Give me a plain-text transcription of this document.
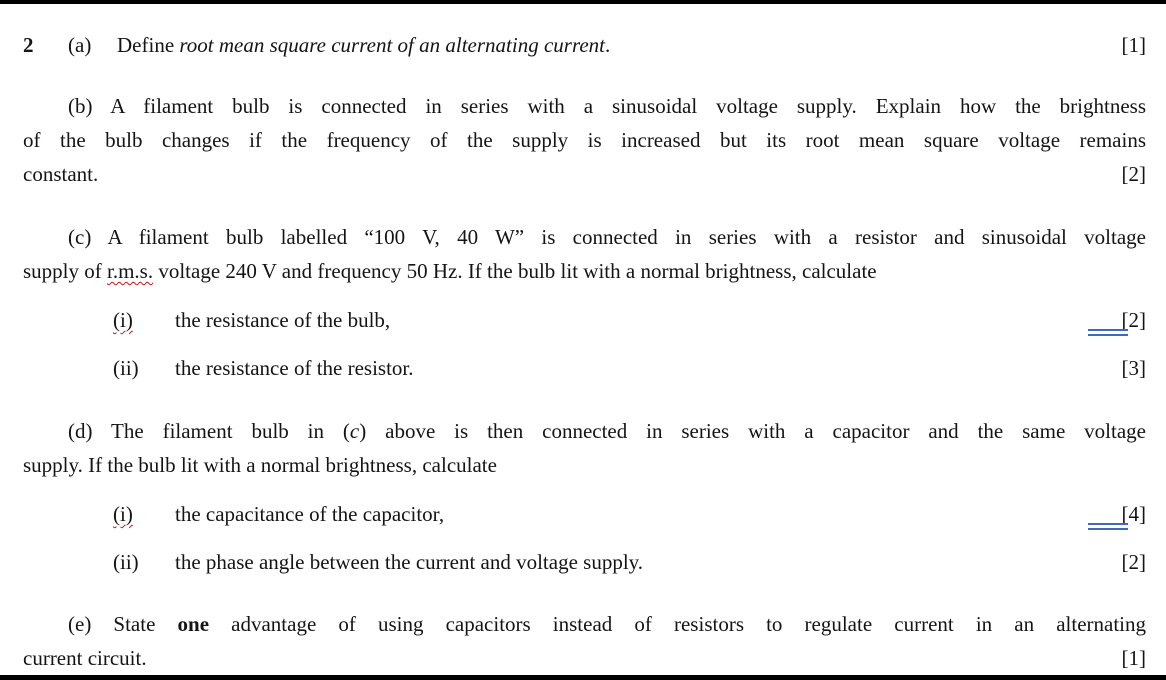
2	(a)	Define root mean square current of an alternating current.	[1]
(b) A filament bulb is connected in series with a sinusoidal voltage supply. Explain how the brightness
of the bulb changes if the frequency of the supply is increased but its root mean square voltage remains
constant.	[2]
(c) A filament bulb labelled “100 V, 40 W” is connected in series with a resistor and sinusoidal voltage
supply of r.m.s. voltage 240 V and frequency 50 Hz. If the bulb lit with a normal brightness, calculate
(i)	the resistance of the bulb,	[2]
(ii)	the resistance of the resistor.	[3]
(d) The filament bulb in (c) above is then connected in series with a capacitor and the same voltage
supply. If the bulb lit with a normal brightness, calculate
(i)	the capacitance of the capacitor,	[4]
(ii)	the phase angle between the current and voltage supply.	[2]
(e) State one advantage of using capacitors instead of resistors to regulate current in an alternating
current circuit.	[1]
